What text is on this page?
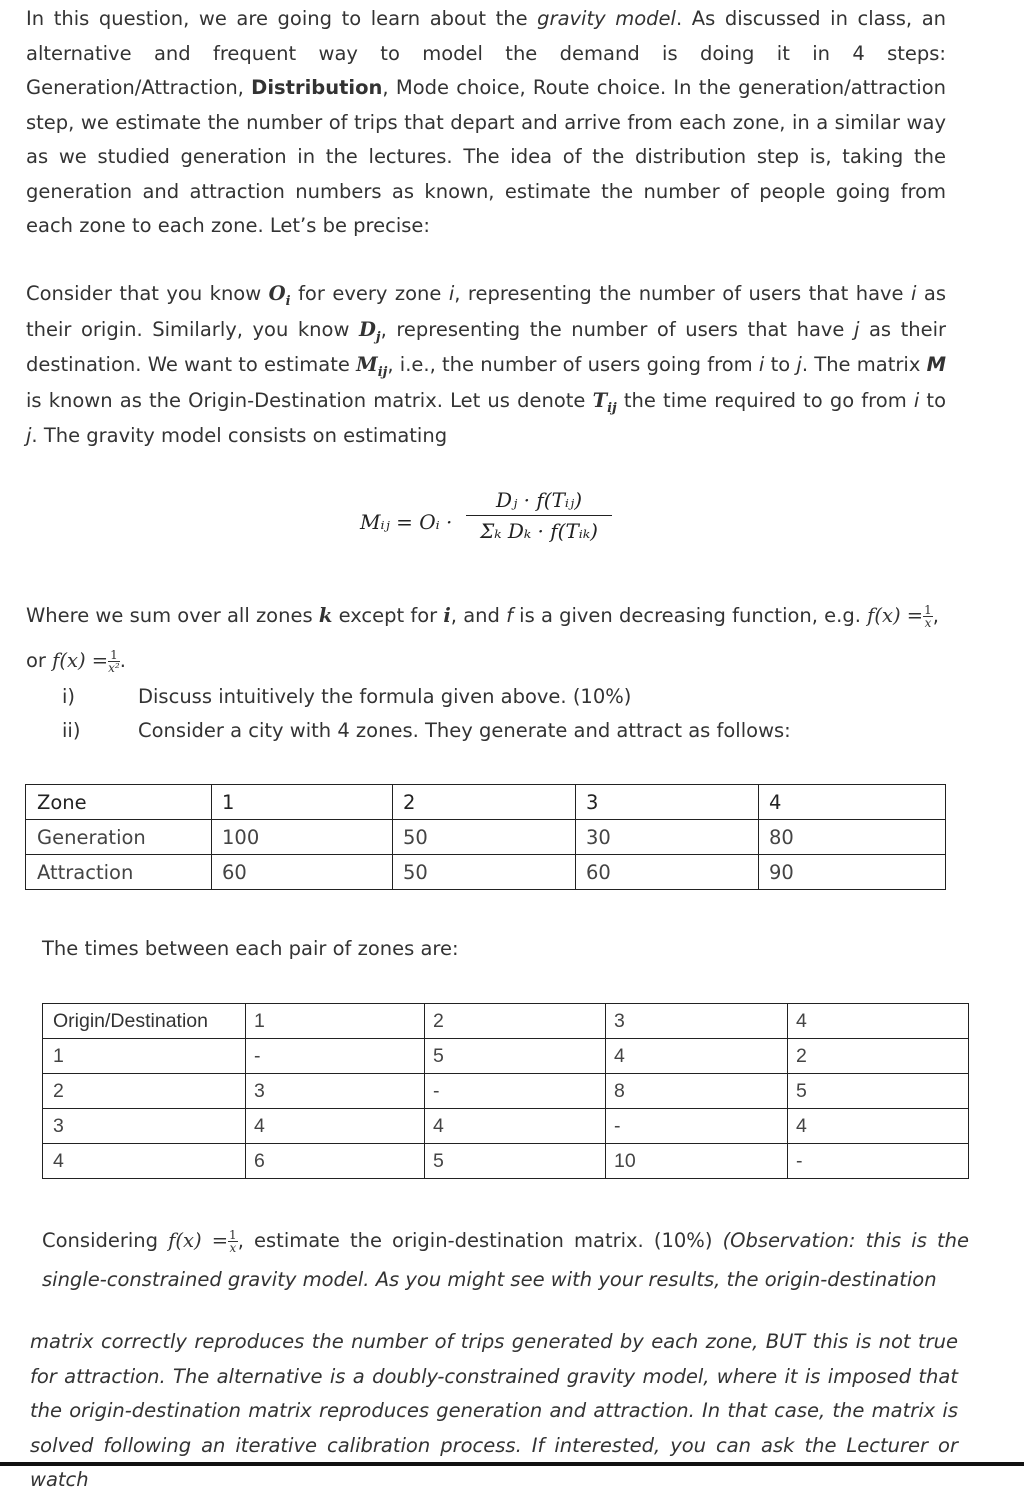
In this question, we are going to learn about the gravity model. As discussed in class, an alternative and frequent way to model the demand is doing it in 4 steps: Generation/Attraction, Distribution, Mode choice, Route choice. In the generation/attraction step, we estimate the number of trips that depart and arrive from each zone, in a similar way as we studied generation in the lectures. The idea of the distribution step is, taking the generation and attraction numbers as known, estimate the number of people going from each zone to each zone. Let’s be precise:

Consider that you know $O_i$ for every zone i, representing the number of users that have i as their origin. Similarly, you know $D_j$, representing the number of users that have j as their destination. We want to estimate $M_{ij}$, i.e., the number of users going from i to j. The matrix M is known as the Origin-Destination matrix. Let us denote $T_{ij}$ the time required to go from i to j. The gravity model consists on estimating

Mᵢⱼ = Oᵢ ·
Dⱼ · f(Tᵢⱼ)
Σₖ Dₖ · f(Tᵢₖ)

Where we sum over all zones k except for i, and f is a given decreasing function, e.g. $f(x) = \frac{1}{x}$ ,
or $f(x) = \frac{1}{\text{x²}}$ .

i)	Discuss intuitively the formula given above. (10%)
ii)	Consider a city with 4 zones. They generate and attract as follows:
Zone	1	2	3	4
Generation	100	50	30	80
Attraction	60	50	60	90
The times between each pair of zones are:
Origin/Destination	1	2	3	4
1	-	5	4	2
2	3	-	8	5
3	4	4	-	4
4	6	5	10	-

Considering $f(x) = \frac{1}{x}$ , estimate the origin-destination matrix. (10%) (Observation: this is the single-constrained gravity model. As you might see with your results, the origin-destination

matrix correctly reproduces the number of trips generated by each zone, BUT this is not true for attraction. The alternative is a doubly-constrained gravity model, where it is imposed that the origin-destination matrix reproduces generation and attraction. In that case, the matrix is solved following an iterative calibration process. If interested, you can ask the Lecturer or watch
